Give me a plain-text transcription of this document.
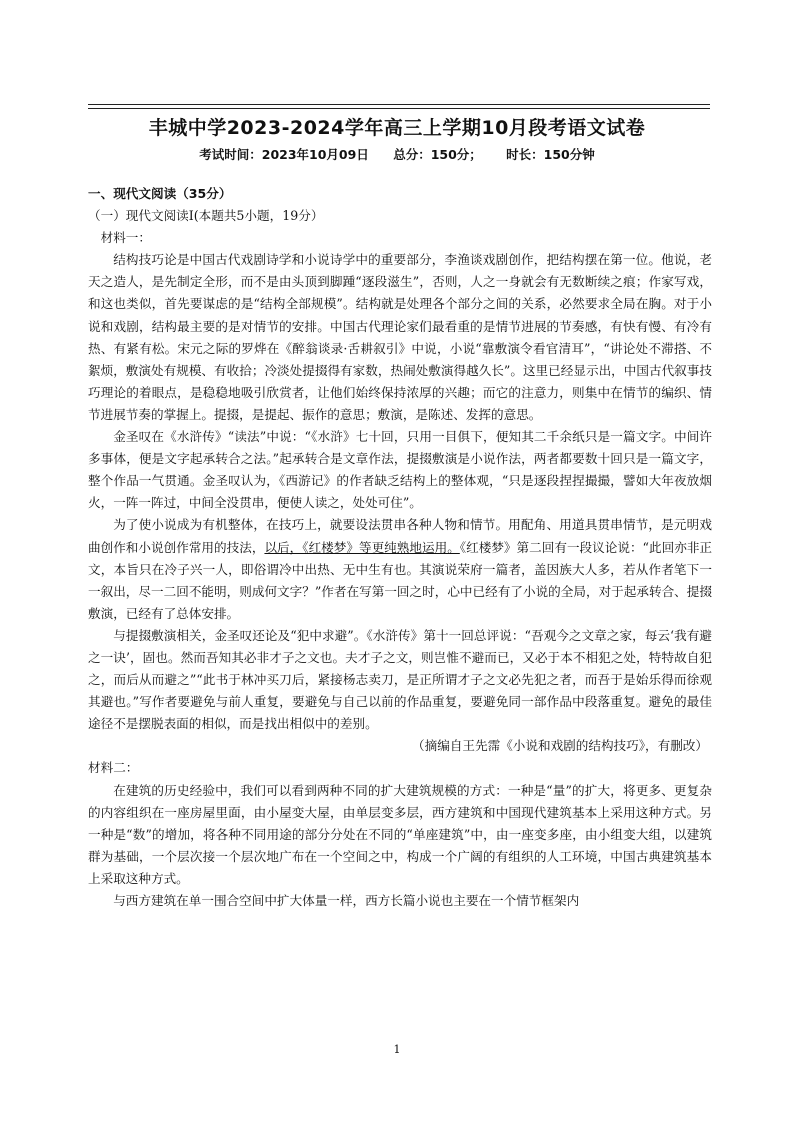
丰城中学2023-2024学年高三上学期10月段考语文试卷
考试时间：2023年10月09日 总分：150分； 时长：150分钟

一、现代文阅读（35分）

（一）现代文阅读Ⅰ(本题共5小题，19分）

材料一：

结构技巧论是中国古代戏剧诗学和小说诗学中的重要部分，李渔谈戏剧创作，把结构摆在第一位。他说，老天之造人，是先制定全形，而不是由头顶到脚踵“逐段滋生”，否则，人之一身就会有无数断续之痕；作家写戏，和这也类似，首先要谋虑的是“结构全部规模”。结构就是处理各个部分之间的关系，必然要求全局在胸。对于小说和戏剧，结构最主要的是对情节的安排。中国古代理论家们最看重的是情节进展的节奏感，有快有慢、有冷有热、有紧有松。宋元之际的罗烨在《醉翁谈录·舌耕叙引》中说，小说“靠敷演令看官清耳”，“讲论处不滞搭、不絮烦，敷演处有规模、有收拾；冷淡处提掇得有家数，热闹处敷演得越久长”。这里已经显示出，中国古代叙事技巧理论的着眼点，是稳稳地吸引欣赏者，让他们始终保持浓厚的兴趣；而它的注意力，则集中在情节的编织、情节进展节奏的掌握上。提掇，是提起、振作的意思；敷演，是陈述、发挥的意思。

金圣叹在《水浒传》“读法”中说：“《水浒》七十回，只用一目俱下，便知其二千余纸只是一篇文字。中间许多事体，便是文字起承转合之法。”起承转合是文章作法，提掇敷演是小说作法，两者都要数十回只是一篇文字，整个作品一气贯通。金圣叹认为，《西游记》的作者缺乏结构上的整体观，“只是逐段捏捏撮撮，譬如大年夜放烟火，一阵一阵过，中间全没贯串，便使人读之，处处可住”。

为了使小说成为有机整体，在技巧上，就要设法贯串各种人物和情节。用配角、用道具贯串情节，是元明戏曲创作和小说创作常用的技法，以后，《红楼梦》等更纯熟地运用。《红楼梦》第二回有一段议论说：“此回亦非正文，本旨只在冷子兴一人，即俗谓冷中出热、无中生有也。其演说荣府一篇者，盖因族大人多，若从作者笔下一一叙出，尽一二回不能明，则成何文字？”作者在写第一回之时，心中已经有了小说的全局，对于起承转合、提掇敷演，已经有了总体安排。

与提掇敷演相关，金圣叹还论及“犯中求避”。《水浒传》第十一回总评说：“吾观今之文章之家，每云‘我有避之一诀’，固也。然而吾知其必非才子之文也。夫才子之文，则岂惟不避而已，又必于本不相犯之处，特特故自犯之，而后从而避之”“此书于林冲买刀后，紧接杨志卖刀，是正所谓才子之文必先犯之者，而吾于是始乐得而徐观其避也。”写作者要避免与前人重复，要避免与自己以前的作品重复，要避免同一部作品中段落重复。避免的最佳途径不是摆脱表面的相似，而是找出相似中的差别。

（摘编自王先霈《小说和戏剧的结构技巧》，有删改）

材料二：

在建筑的历史经验中，我们可以看到两种不同的扩大建筑规模的方式：一种是“量”的扩大，将更多、更复杂的内容组织在一座房屋里面，由小屋变大屋，由单层变多层，西方建筑和中国现代建筑基本上采用这种方式。另一种是“数”的增加，将各种不同用途的部分分处在不同的“单座建筑”中，由一座变多座，由小组变大组，以建筑群为基础，一个层次接一个层次地广布在一个空间之中，构成一个广阔的有组织的人工环境，中国古典建筑基本上采取这种方式。

与西方建筑在单一围合空间中扩大体量一样，西方长篇小说也主要在一个情节框架内

1
